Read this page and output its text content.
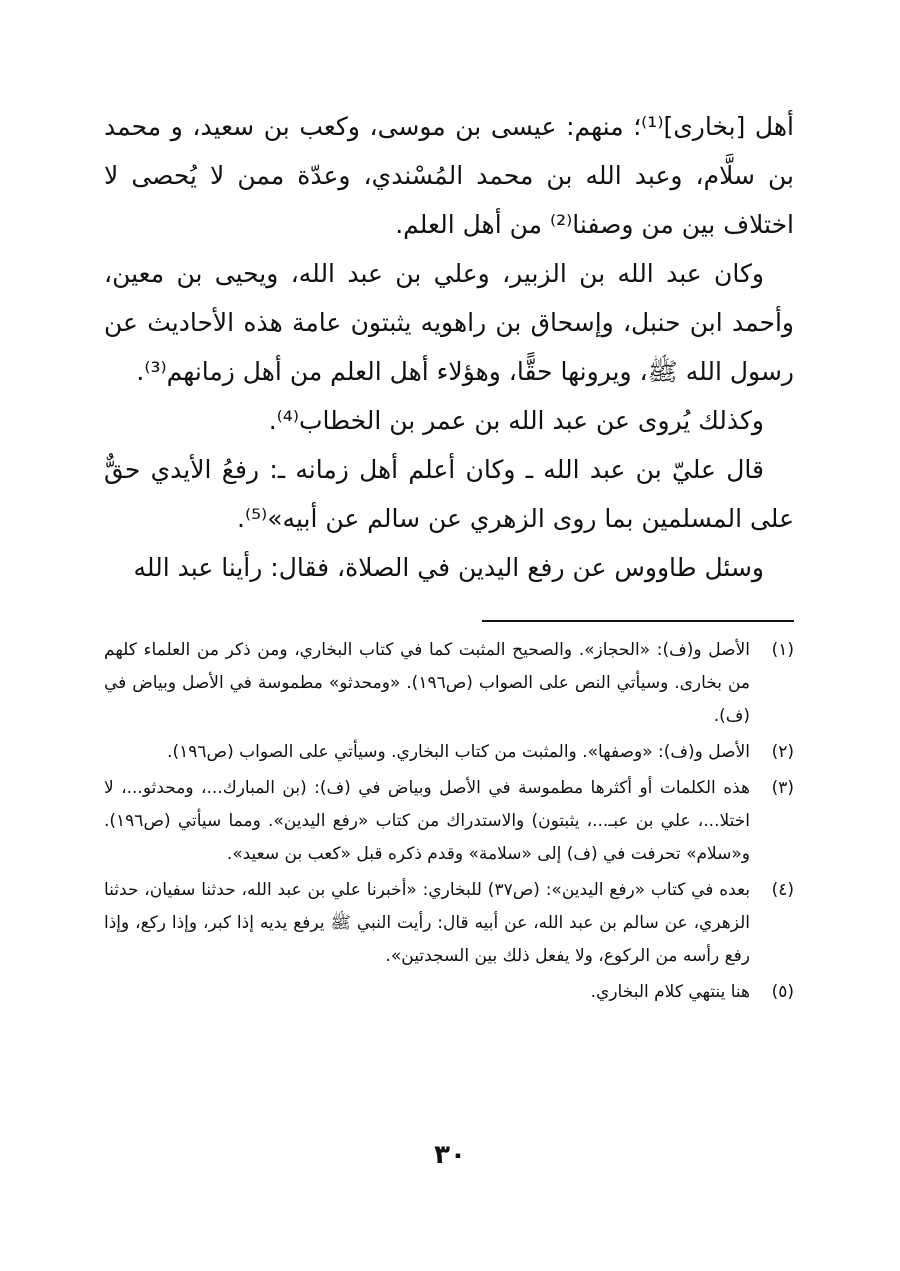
أهل [بخارى]⁽¹⁾؛ منهم: عيسى بن موسى، وكعب بن سعيد، و محمد بن سلَّام، وعبد الله بن محمد المُسْندي، وعدّة ممن لا يُحصى لا اختلاف بين من وصفنا⁽²⁾ من أهل العلم.

وكان عبد الله بن الزبير، وعلي بن عبد الله، ويحيى بن معين، وأحمد ابن حنبل، وإسحاق بن راهويه يثبتون عامة هذه الأحاديث عن رسول الله ﷺ، ويرونها حقًّا، وهؤلاء أهل العلم من أهل زمانهم⁽³⁾.

وكذلك يُروى عن عبد الله بن عمر بن الخطاب⁽⁴⁾.

قال عليّ بن عبد الله ـ وكان أعلم أهل زمانه ـ: رفعُ الأيدي حقٌّ على المسلمين بما روى الزهري عن سالم عن أبيه»⁽⁵⁾.

وسئل طاووس عن رفع اليدين في الصلاة، فقال: رأينا عبد الله

(١)
الأصل و(ف): «الحجاز». والصحيح المثبت كما في كتاب البخاري، ومن ذكر من العلماء كلهم من بخارى. وسيأتي النص على الصواب (ص١٩٦). «ومحدثو» مطموسة في الأصل وبياض في (ف).
(٢)
الأصل و(ف): «وصفها». والمثبت من كتاب البخاري. وسيأتي على الصواب (ص١٩٦).
(٣)
هذه الكلمات أو أكثرها مطموسة في الأصل وبياض في (ف): (بن المبارك...، ومحدثو...، لا اختلا...، علي بن عبـ...، يثبتون) والاستدراك من كتاب «رفع اليدين». ومما سيأتي (ص١٩٦). و«سلام» تحرفت في (ف) إلى «سلامة» وقدم ذكره قبل «كعب بن سعيد».
(٤)
بعده في كتاب «رفع اليدين»: (ص٣٧) للبخاري: «أخبرنا علي بن عبد الله، حدثنا سفيان، حدثنا الزهري، عن سالم بن عبد الله، عن أبيه قال: رأيت النبي ﷺ يرفع يديه إذا كبر، وإذا ركع، وإذا رفع رأسه من الركوع، ولا يفعل ذلك بين السجدتين».
(٥)
هنا ينتهي كلام البخاري.
٣٠
